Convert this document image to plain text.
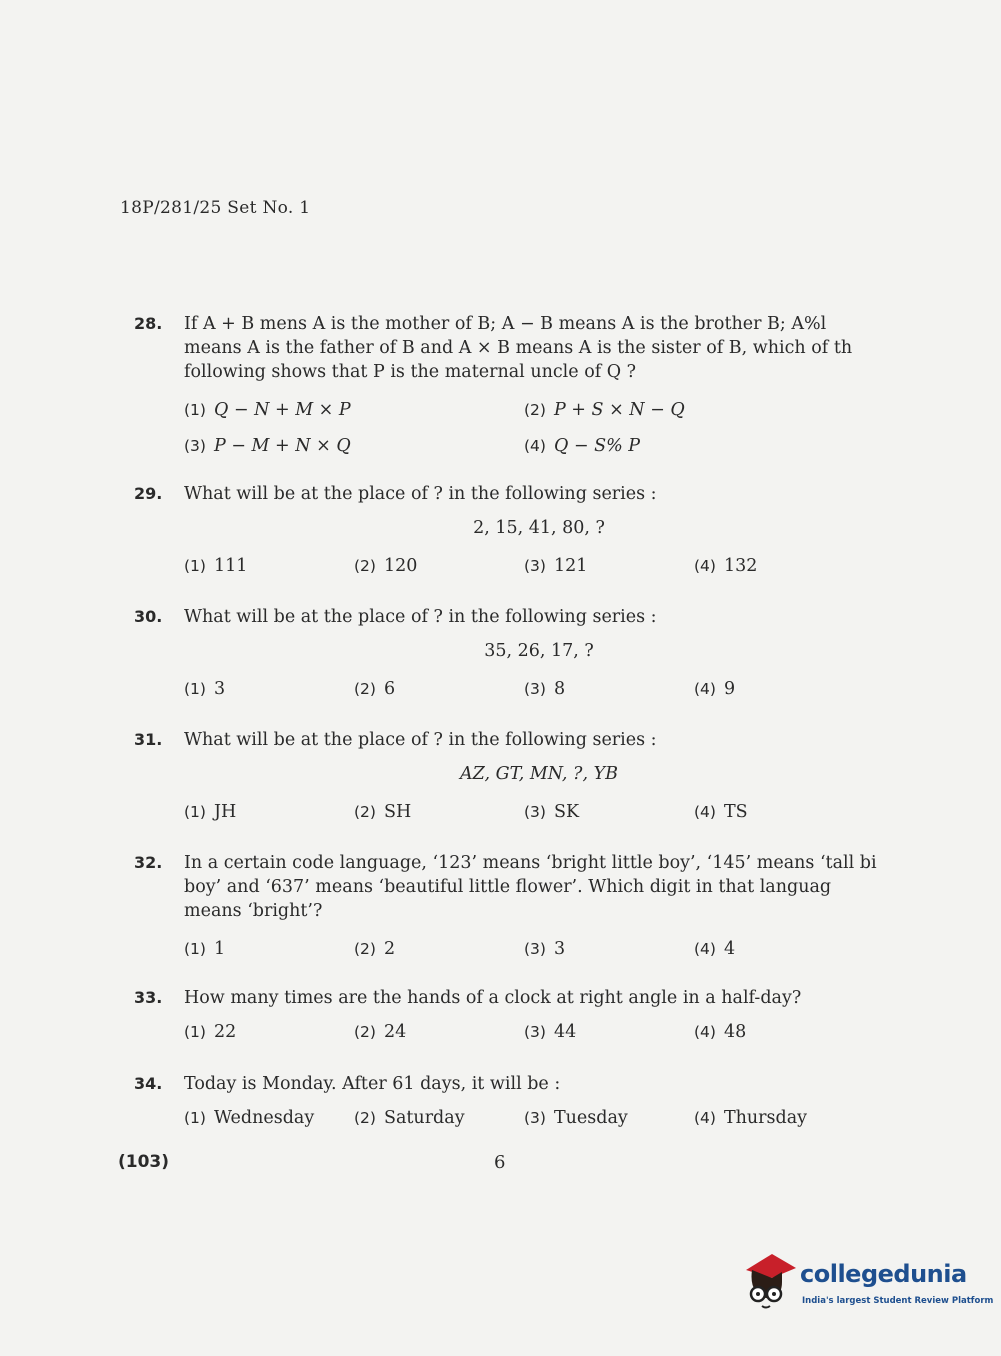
18P/281/25 Set No. 1
28. If A + B mens A is the mother of B; A − B means A is the brother B; A%l
means A is the father of B and A × B means A is the sister of B, which of th
following shows that P is the maternal uncle of Q ?
(1) Q − N + M × P	(2) P + S × N − Q
(3) P − M + N × Q	(4) Q − S% P
29. What will be at the place of ? in the following series :
2, 15, 41, 80, ?
(1) 111	(2) 120	(3) 121	(4) 132
30. What will be at the place of ? in the following series :
35, 26, 17, ?
(1) 3	(2) 6	(3) 8	(4) 9
31. What will be at the place of ? in the following series :
AZ, GT, MN, ?, YB
(1) JH	(2) SH	(3) SK	(4) TS
32. In a certain code language, ‘123’ means ‘bright little boy’, ‘145’ means ‘tall bi
boy’ and ‘637’ means ‘beautiful little flower’. Which digit in that languag
means ‘bright’?
(1) 1	(2) 2	(3) 3	(4) 4
33. How many times are the hands of a clock at right angle in a half-day?
(1) 22	(2) 24	(3) 44	(4) 48
34. Today is Monday. After 61 days, it will be :
(1) Wednesday	(2) Saturday	(3) Tuesday	(4) Thursday
(103)	6
collegedunia
India's largest Student Review Platform
